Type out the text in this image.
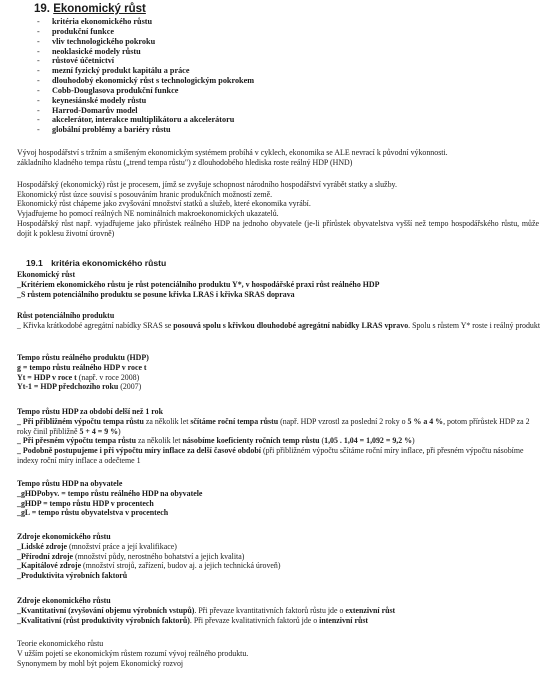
19. Ekonomický růst
- kritéria ekonomického růstu
- produkční funkce
- vliv technologického pokroku
- neoklasické modely růstu
- růstové účetnictví
- mezní fyzický produkt kapitálu a práce
- dlouhodobý ekonomický růst s technologickým pokrokem
- Cobb-Douglasova produkční funkce
- keynesiánské modely růstu
- Harrod-Domarův model
- akcelerátor, interakce multiplikátoru a akcelerátoru
- globální problémy a bariéry růstu
Vývoj hospodářství s tržním a smíšeným ekonomickým systémem probíhá v cyklech, ekonomika se ALE nevrací k původní výkonnosti.
základního kladného tempa růstu („trend tempa růstu") z dlouhodobého hlediska roste reálný HDP (HND)
Hospodářský (ekonomický) růst je procesem, jímž se zvyšuje schopnost národního hospodářství vyrábět statky a služby.
Ekonomický růst úzce souvisí s posouváním hranic produkčních možností země.
Ekonomický růst chápeme jako zvyšování množství statků a služeb, které ekonomika vyrábí.
Vyjadřujeme ho pomocí reálných NE nominálních makroekonomických ukazatelů.
Hospodářský růst např. vyjadřujeme jako přírůstek reálného HDP na jednoho obyvatele (je-li přírůstek obyvatelstva vyšší než tempo hospodářského růstu, může dojít k poklesu životní úrovně)
19.1 kritéria ekonomického růstu
Ekonomický růst
_Kritériem ekonomického růstu je růst potenciálního produktu Y*, v hospodářské praxi růst reálného HDP
_S růstem potenciálního produktu se posune křivka LRAS i křivka SRAS doprava
Růst potenciálního produktu
_ Křivka krátkodobé agregátní nabídky SRAS se posouvá spolu s křivkou dlouhodobé agregátní nabídky LRAS vpravo. Spolu s růstem Y* roste i reálný produkt
Tempo růstu reálného produktu (HDP)
g = tempo růstu reálného HDP v roce t
Yt = HDP v roce t (např. v roce 2008)
Yt-1 = HDP předchozího roku (2007)
Tempo růstu HDP za období delší než 1 rok
_ Při přibližném výpočtu tempa růstu za několik let sčítáme roční tempa růstu (např. HDP vzrostl za poslední 2 roky o 5 % a 4 %, potom přírůstek HDP za 2 roky činil přibližně 5 + 4 = 9 %)
_ Při přesném výpočtu tempa růstu za několik let násobíme koeficienty ročních temp růstu (1,05 . 1,04 = 1,092 = 9,2 %)
_ Podobně postupujeme i při výpočtu míry inflace za delší časové období (při přibližném výpočtu sčítáme roční míry inflace, při přesném výpočtu násobíme indexy roční míry inflace a odečteme 1
Tempo růstu HDP na obyvatele
_gHDPobyv. = tempo růstu reálného HDP na obyvatele
_gHDP = tempo růstu HDP v procentech
_gL = tempo růstu obyvatelstva v procentech
Zdroje ekonomického růstu
_Lidské zdroje (množství práce a její kvalifikace)
_Přírodní zdroje (množství půdy, nerostného bohatství a jejich kvalita)
_Kapitálové zdroje (množství strojů, zařízení, budov aj. a jejich technická úroveň)
_Produktivita výrobních faktorů
Zdroje ekonomického růstu
_Kvantitativní (zvyšování objemu výrobních vstupů). Při převaze kvantitativních faktorů růstu jde o extenzivní růst
_Kvalitativní (růst produktivity výrobních faktorů). Při převaze kvalitativních faktorů jde o intenzivní růst
Teorie ekonomického růstu
V užším pojetí se ekonomickým růstem rozumí vývoj reálného produktu.
Synonymem by mohl být pojem Ekonomický rozvoj
